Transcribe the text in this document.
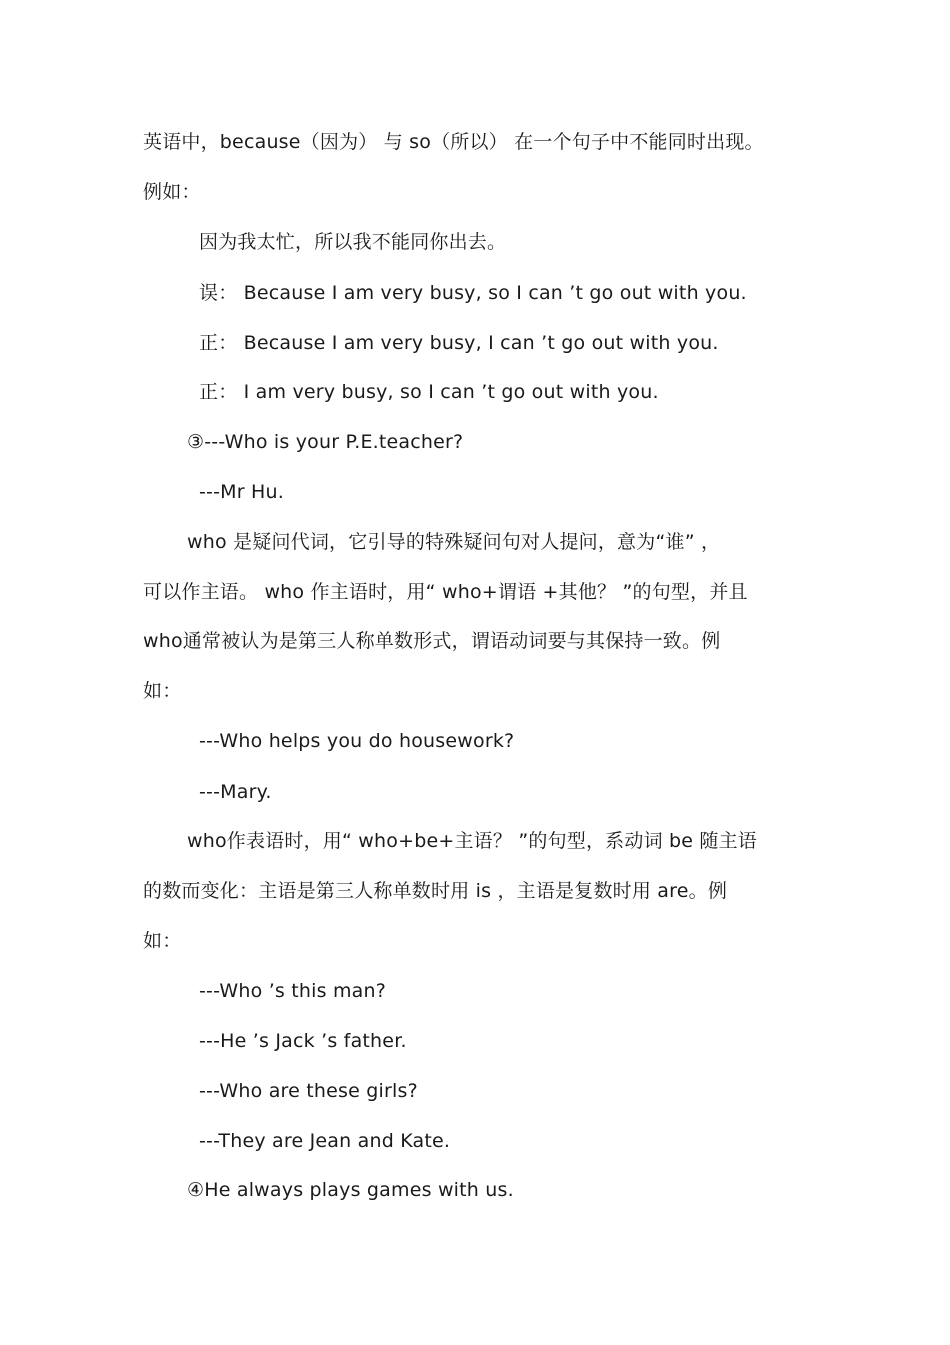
英语中，because（因为） 与 so（所以） 在一个句子中不能同时出现。
例如：
因为我太忙，所以我不能同你出去。
误： Because I am very busy, so I can ’t go out with you.
正： Because I am very busy, I can ’t go out with you.
正： I am very busy, so I can ’t go out with you.
③---Who is your P.E.teacher?
---Mr Hu.
who 是疑问代词，它引导的特殊疑问句对人提问，意为“谁” ，
可以作主语。 who 作主语时，用“ who+谓语 +其他？ ”的句型，并且
who通常被认为是第三人称单数形式，谓语动词要与其保持一致。例
如：
---Who helps you do housework?
---Mary.
who作表语时，用“ who+be+主语？ ”的句型，系动词 be 随主语
的数而变化：主语是第三人称单数时用 is ，主语是复数时用 are。例
如：
---Who ’s this man?
---He ’s Jack ’s father.
---Who are these girls?
---They are Jean and Kate.
④He always plays games with us.
